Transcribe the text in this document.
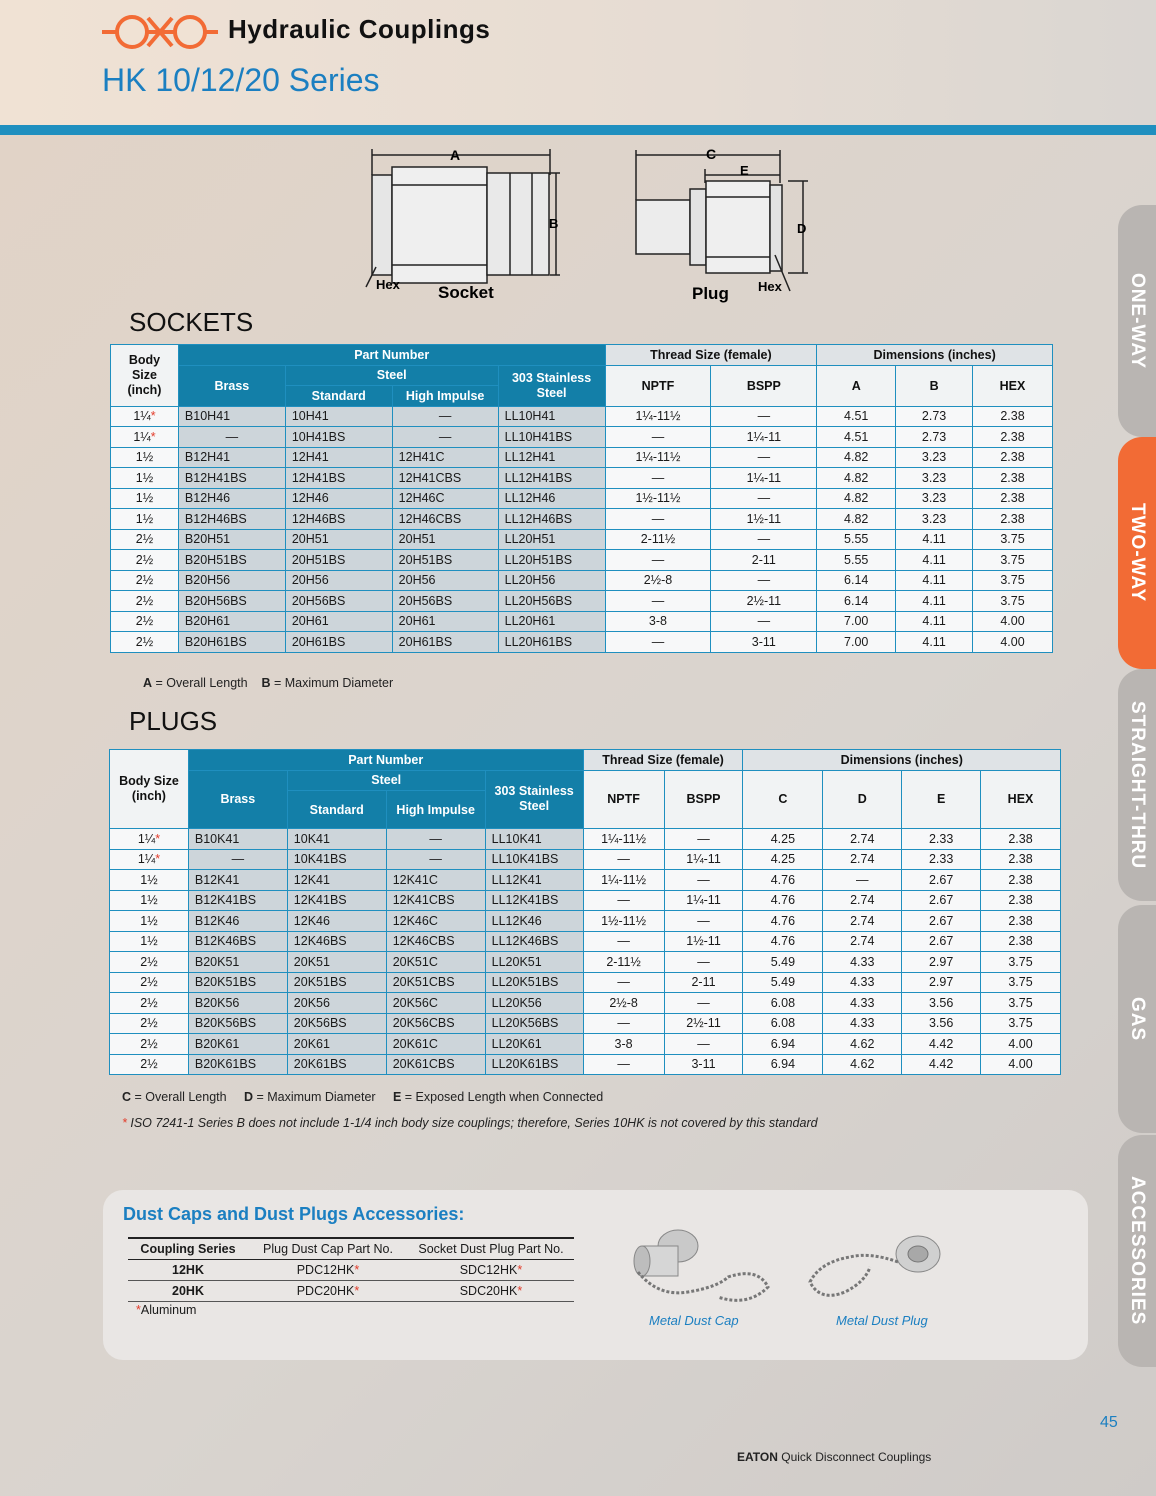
Hydraulic Couplings
HK 10/12/20 Series
ONE-WAY
TWO-WAY
STRAIGHT-THRU
GAS
ACCESSORIES
A
B
Hex Socket
C
E
D
Hex
Plug
SOCKETS
Body Size (inch)	Part Number				Thread Size (female)		Dimensions (inches)		
	Brass	Steel		303 Stainless Steel	NPTF	BSPP	A	B	HEX
		Standard	High Impulse						
1¼*	B10H41	10H41	—	LL10H41	1¼-11½	—	4.51	2.73	2.38
1¼*	—	10H41BS	—	LL10H41BS	—	1¼-11	4.51	2.73	2.38
1½	B12H41	12H41	12H41C	LL12H41	1¼-11½	—	4.82	3.23	2.38
1½	B12H41BS	12H41BS	12H41CBS	LL12H41BS	—	1¼-11	4.82	3.23	2.38
1½	B12H46	12H46	12H46C	LL12H46	1½-11½	—	4.82	3.23	2.38
1½	B12H46BS	12H46BS	12H46CBS	LL12H46BS	—	1½-11	4.82	3.23	2.38
2½	B20H51	20H51	20H51	LL20H51	2-11½	—	5.55	4.11	3.75
2½	B20H51BS	20H51BS	20H51BS	LL20H51BS	—	2-11	5.55	4.11	3.75
2½	B20H56	20H56	20H56	LL20H56	2½-8	—	6.14	4.11	3.75
2½	B20H56BS	20H56BS	20H56BS	LL20H56BS	—	2½-11	6.14	4.11	3.75
2½	B20H61	20H61	20H61	LL20H61	3-8	—	7.00	4.11	4.00
2½	B20H61BS	20H61BS	20H61BS	LL20H61BS	—	3-11	7.00	4.11	4.00
A = Overall Length B = Maximum Diameter
PLUGS
Body Size (inch)	Part Number				Thread Size (female)		Dimensions (inches)			
	Brass	Steel		303 Stainless Steel	NPTF	BSPP	C	D	E	HEX
		Standard	High Impulse							
1¼*	B10K41	10K41	—	LL10K41	1¼-11½	—	4.25	2.74	2.33	2.38
1¼*	—	10K41BS	—	LL10K41BS	—	1¼-11	4.25	2.74	2.33	2.38
1½	B12K41	12K41	12K41C	LL12K41	1¼-11½	—	4.76	—	2.67	2.38
1½	B12K41BS	12K41BS	12K41CBS	LL12K41BS	—	1¼-11	4.76	2.74	2.67	2.38
1½	B12K46	12K46	12K46C	LL12K46	1½-11½	—	4.76	2.74	2.67	2.38
1½	B12K46BS	12K46BS	12K46CBS	LL12K46BS	—	1½-11	4.76	2.74	2.67	2.38
2½	B20K51	20K51	20K51C	LL20K51	2-11½	—	5.49	4.33	2.97	3.75
2½	B20K51BS	20K51BS	20K51CBS	LL20K51BS	—	2-11	5.49	4.33	2.97	3.75
2½	B20K56	20K56	20K56C	LL20K56	2½-8	—	6.08	4.33	3.56	3.75
2½	B20K56BS	20K56BS	20K56CBS	LL20K56BS	—	2½-11	6.08	4.33	3.56	3.75
2½	B20K61	20K61	20K61C	LL20K61	3-8	—	6.94	4.62	4.42	4.00
2½	B20K61BS	20K61BS	20K61CBS	LL20K61BS	—	3-11	6.94	4.62	4.42	4.00
C = Overall Length D = Maximum Diameter E = Exposed Length when Connected
* ISO 7241-1 Series B does not include 1-1/4 inch body size couplings; therefore, Series 10HK is not covered by this standard
Dust Caps and Dust Plugs Accessories:
Coupling Series	Plug Dust Cap Part No.	Socket Dust Plug Part No.
12HK	PDC12HK*	SDC12HK*
20HK	PDC20HK*	SDC20HK*
*Aluminum
Metal Dust Cap	Metal Dust Plug
45
EATON Quick Disconnect Couplings
